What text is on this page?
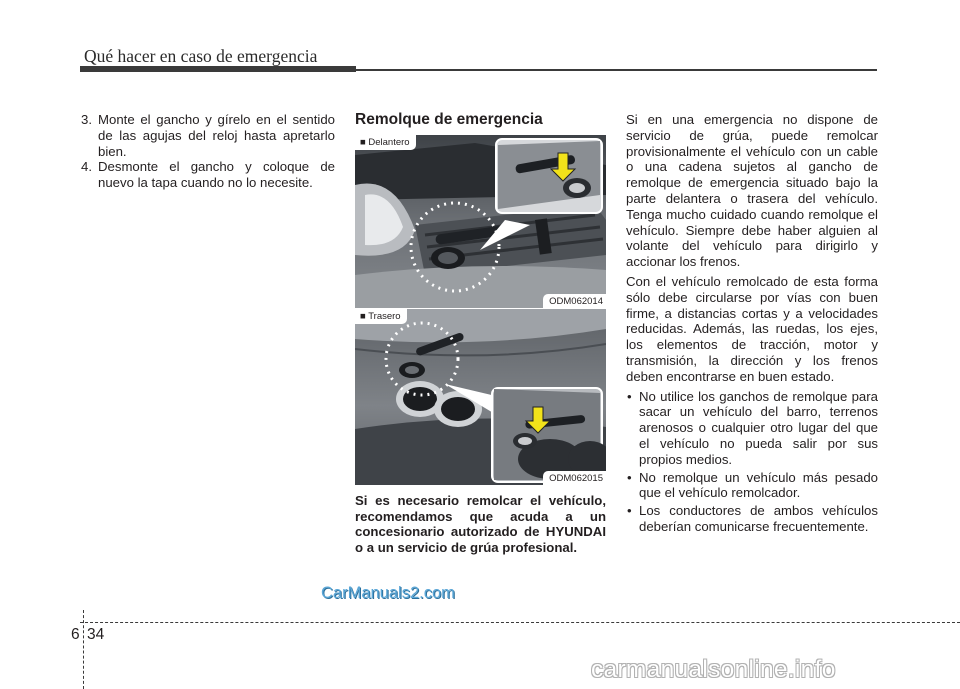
Qué hacer en caso de emergencia
3. Monte el gancho y gírelo en el sentido de las agujas del reloj hasta apretarlo bien.
4. Desmonte el gancho y coloque de nuevo la tapa cuando no lo necesite.
Remolque de emergencia
■ Delantero
ODM062014
■ Trasero
ODM062015
Si es necesario remolcar el vehículo, recomendamos que acuda a un concesionario autorizado de HYUNDAI o a un servicio de grúa profesional.

Si en una emergencia no dispone de servicio de grúa, puede remolcar provisionalmente el vehículo con un cable o una cadena sujetos al gancho de remolque de emergencia situado bajo la parte delantera o trasera del vehículo. Tenga mucho cuidado cuando remolque el vehículo. Siempre debe haber alguien al volante del vehículo para dirigirlo y accionar los frenos.

Con el vehículo remolcado de esta forma sólo debe circularse por vías con buen firme, a distancias cortas y a velocidades reducidas. Además, las ruedas, los ejes, los elementos de tracción, motor y transmisión, la dirección y los frenos deben encontrarse en buen estado.

• No utilice los ganchos de remolque para sacar un vehículo del barro, terrenos arenosos o cualquier otro lugar del que el vehículo no pueda salir por sus propios medios.
• No remolque un vehículo más pesado que el vehículo remolcador.
• Los conductores de ambos vehículos deberían comunicarse frecuentemente.
CarManuals2.com
6 34
carmanualsonline.info
